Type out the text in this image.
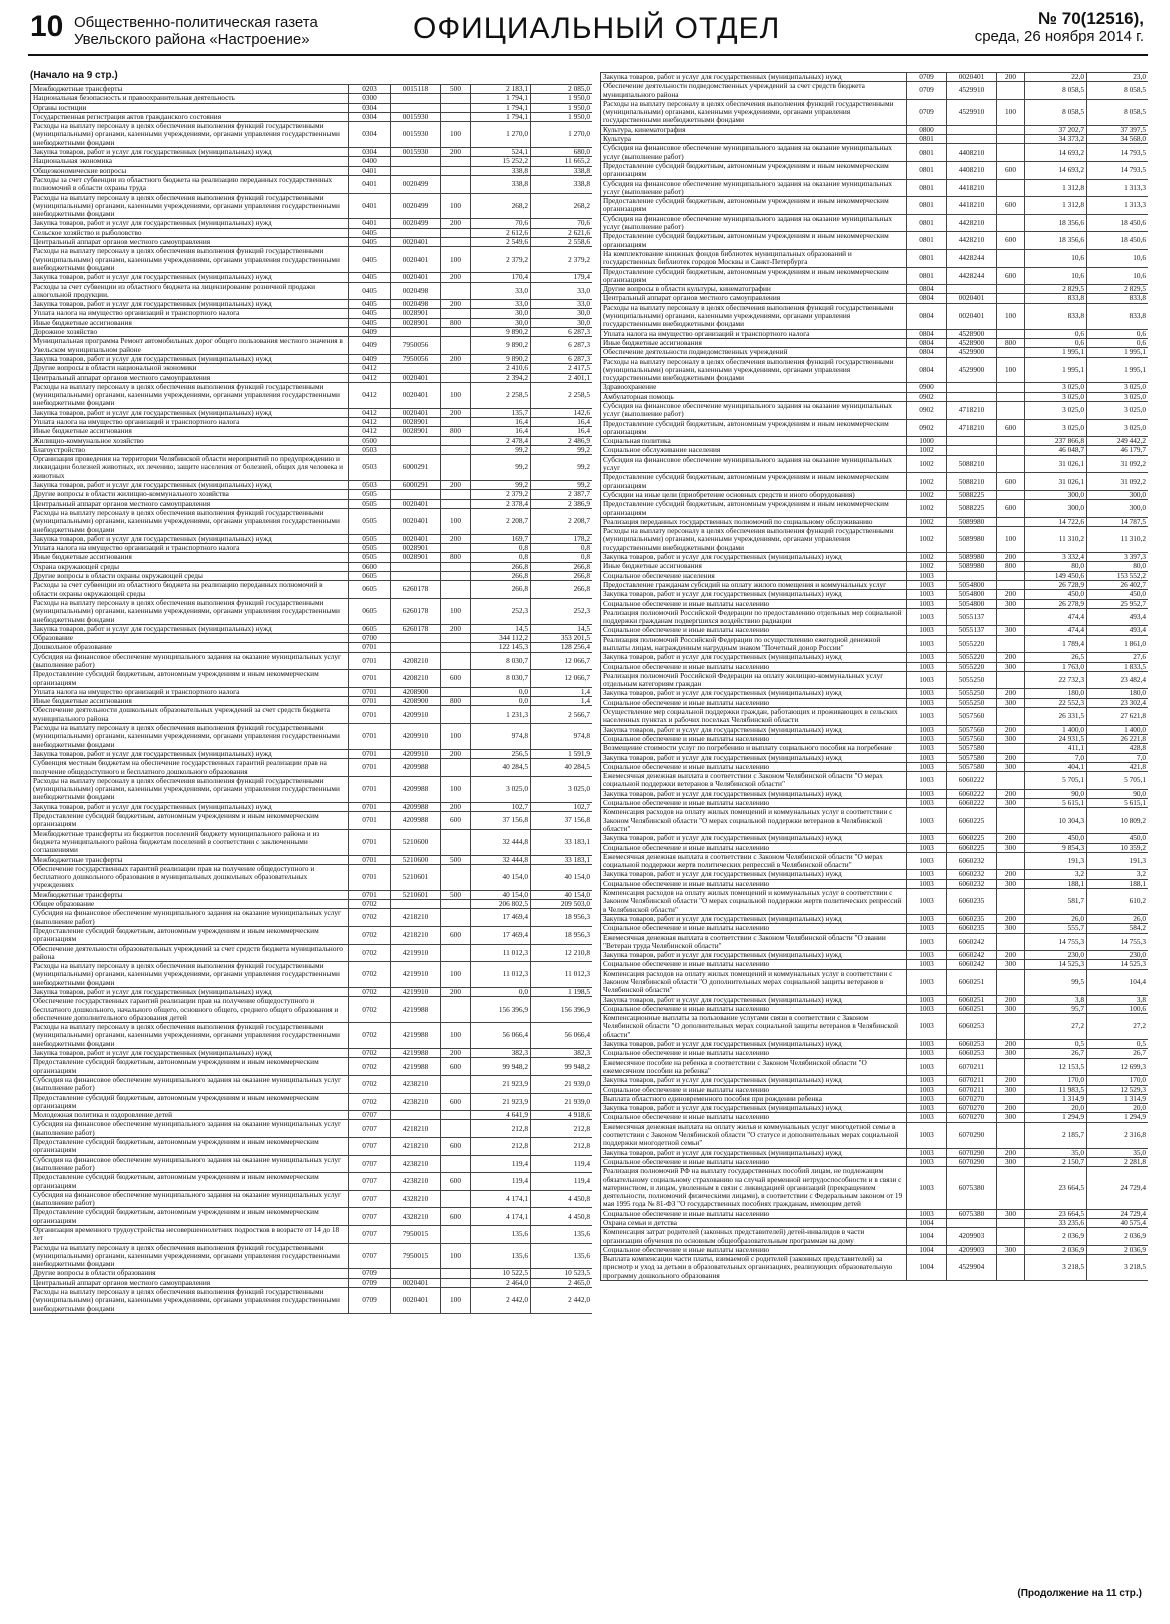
10 Общественно-политическая газета
Увельского района «Настроение»	ОФИЦИАЛЬНЫЙ ОТДЕЛ	№ 70(12516),
среда, 26 ноября 2014 г.
(Начало на 9 стр.)
Межбюджетные трансферты	0203	0015118	500	2 183,1	2 085,0
Национальная безопасность и правоохранительная деятельность	0300			1 794,1	1 950,0
Органы юстиции	0304			1 794,1	1 950,0
Государственная регистрация актов гражданского состояния	0304	0015930		1 794,1	1 950,0
Расходы на выплату персоналу в целях обеспечения выполнения функций государственными (муниципальными) органами, казенными учреждениями, органами управления государственными внебюджетными фондами	0304	0015930	100	1 270,0	1 270,0
Закупка товаров, работ и услуг для государственных (муниципальных) нужд	0304	0015930	200	524,1	680,0
Национальная экономика	0400			15 252,2	11 665,2
Общеэкономические вопросы	0401			338,8	338,8
Расходы за счет субвенции из областного бюджета на реализацию переданных государственных полномочий в области охраны труда	0401	0020499		338,8	338,8
Расходы на выплату персоналу в целях обеспечения выполнения функций государственными (муниципальными) органами, казенными учреждениями, органами управления государственными внебюджетными фондами	0401	0020499	100	268,2	268,2
Закупка товаров, работ и услуг для государственных (муниципальных) нужд	0401	0020499	200	70,6	70,6
Сельское хозяйство и рыболовство	0405			2 612,6	2 621,6
Центральный аппарат органов местного самоуправления	0405	0020401		2 549,6	2 558,6
Расходы на выплату персоналу в целях обеспечения выполнения функций государственными (муниципальными) органами, казенными учреждениями, органами управления государственными внебюджетными фондами	0405	0020401	100	2 379,2	2 379,2
Закупка товаров, работ и услуг для государственных (муниципальных) нужд	0405	0020401	200	170,4	179,4
Расходы за счет субвенции из областного бюджета на лицензирование розничной продажи алкогольной продукции.	0405	0020498		33,0	33,0
Закупка товаров, работ и услуг для государственных (муниципальных) нужд	0405	0020498	200	33,0	33,0
Уплата налога на имущество организаций и транспортного налога	0405	0028901		30,0	30,0
Иные бюджетные ассигнования	0405	0028901	800	30,0	30,0
Дорожное хозяйство	0409			9 890,2	6 287,3
Муниципальная программа Ремонт автомобильных дорог общего пользования местного значения в Увельском муниципальном районе	0409	7950056		9 890,2	6 287,3
Закупка товаров, работ и услуг для государственных (муниципальных) нужд	0409	7950056	200	9 890,2	6 287,3
Другие вопросы в области национальной экономики	0412			2 410,6	2 417,5
Центральный аппарат органов местного самоуправления	0412	0020401		2 394,2	2 401,1
Расходы на выплату персоналу в целях обеспечения выполнения функций государственными (муниципальными) органами, казенными учреждениями, органами управления государственными внебюджетными фондами	0412	0020401	100	2 258,5	2 258,5
Закупка товаров, работ и услуг для государственных (муниципальных) нужд	0412	0020401	200	135,7	142,6
Уплата налога на имущество организаций и транспортного налога	0412	0028901		16,4	16,4
Иные бюджетные ассигнования	0412	0028901	800	16,4	16,4
Жилищно-коммунальное хозяйство	0500			2 478,4	2 486,9
Благоустройство	0503			99,2	99,2
Организация проведения на территории Челябинской области мероприятий по предупреждению и ликвидации болезней животных, их лечению, защите населения от болезней, общих для человека и животных	0503	6000291		99,2	99,2
Закупка товаров, работ и услуг для государственных (муниципальных) нужд	0503	6000291	200	99,2	99,2
Другие вопросы в области жилищно-коммунального хозяйства	0505			2 379,2	2 387,7
Центральный аппарат органов местного самоуправления	0505	0020401		2 378,4	2 386,9
Расходы на выплату персоналу в целях обеспечения выполнения функций государственными (муниципальными) органами, казенными учреждениями, органами управления государственными внебюджетными фондами	0505	0020401	100	2 208,7	2 208,7
Закупка товаров, работ и услуг для государственных (муниципальных) нужд	0505	0020401	200	169,7	178,2
Уплата налога на имущество организаций и транспортного налога	0505	0028901		0,8	0,8
Иные бюджетные ассигнования	0505	0028901	800	0,8	0,8
Охрана окружающей среды	0600			266,8	266,8
Другие вопросы в области охраны окружающей среды	0605			266,8	266,8
Расходы за счет субвенции из областного бюджета на реализацию переданных полномочий в области охраны окружающей среды	0605	6260178		266,8	266,8
Расходы на выплату персоналу в целях обеспечения выполнения функций государственными (муниципальными) органами, казенными учреждениями, органами управления государственными внебюджетными фондами	0605	6260178	100	252,3	252,3
Закупка товаров, работ и услуг для государственных (муниципальных) нужд	0605	6260178	200	14,5	14,5
Образование	0700			344 112,2	353 201,5
Дошкольное образование	0701			122 145,3	128 256,4
Субсидия на финансовое обеспечение муниципального задания на оказание муниципальных услуг (выполнение работ)	0701	4208210		8 030,7	12 066,7
Предоставление субсидий бюджетным, автономным учреждениям и иным некоммерческим организациям	0701	4208210	600	8 030,7	12 066,7
Уплата налога на имущество организаций и транспортного налога	0701	4208900		0,0	1,4
Иные бюджетные ассигнования	0701	4208900	800	0,0	1,4
Обеспечение деятельности дошкольных образовательных учреждений за счет средств бюджета муниципального района	0701	4209910		1 231,3	2 566,7
Расходы на выплату персоналу в целях обеспечения выполнения функций государственными (муниципальными) органами, казенными учреждениями, органами управления государственными внебюджетными фондами	0701	4209910	100	974,8	974,8
Закупка товаров, работ и услуг для государственных (муниципальных) нужд	0701	4209910	200	256,5	1 591,9
Субвенция местным бюджетам на обеспечение государственных гарантий реализации прав на получение общедоступного и бесплатного дошкольного образования	0701	4209988		40 284,5	40 284,5
Расходы на выплату персоналу в целях обеспечения выполнения функций государственными (муниципальными) органами, казенными учреждениями, органами управления государственными внебюджетными фондами	0701	4209988	100	3 025,0	3 025,0
Закупка товаров, работ и услуг для государственных (муниципальных) нужд	0701	4209988	200	102,7	102,7
Предоставление субсидий бюджетным, автономным учреждениям и иным некоммерческим организациям	0701	4209988	600	37 156,8	37 156,8
Межбюджетные трансферты из бюджетов поселений бюджету муниципального района и из бюджета муниципального района бюджетам поселений в соответствии с заключенными соглашениями	0701	5210600		32 444,8	33 183,1
Межбюджетные трансферты	0701	5210600	500	32 444,8	33 183,1
Обеспечение государственных гарантий реализации прав на получение общедоступного и бесплатного дошкольного образования в муниципальных дошкольных образовательных учреждениях	0701	5210601		40 154,0	40 154,0
Межбюджетные трансферты	0701	5210601	500	40 154,0	40 154,0
Общее образование	0702			206 802,5	209 503,0
Субсидия на финансовое обеспечение муниципального задания на оказание муниципальных услуг (выполнение работ)	0702	4218210		17 469,4	18 956,3
Предоставление субсидий бюджетным, автономным учреждениям и иным некоммерческим организациям	0702	4218210	600	17 469,4	18 956,3
Обеспечение деятельности образовательных учреждений за счет средств бюджета муниципального района	0702	4219910		11 012,3	12 210,8
Расходы на выплату персоналу в целях обеспечения выполнения функций государственными (муниципальными) органами, казенными учреждениями, органами управления государственными внебюджетными фондами	0702	4219910	100	11 012,3	11 012,3
Закупка товаров, работ и услуг для государственных (муниципальных) нужд	0702	4219910	200	0,0	1 198,5
Обеспечение государственных гарантий реализации прав на получение общедоступного и бесплатного дошкольного, начального общего, основного общего, среднего общего образования и обеспечение дополнительного образования детей	0702	4219988		156 396,9	156 396,9
Расходы на выплату персоналу в целях обеспечения выполнения функций государственными (муниципальными) органами, казенными учреждениями, органами управления государственными внебюджетными фондами	0702	4219988	100	56 066,4	56 066,4
Закупка товаров, работ и услуг для государственных (муниципальных) нужд	0702	4219988	200	382,3	382,3
Предоставление субсидий бюджетным, автономным учреждениям и иным некоммерческим организациям	0702	4219988	600	99 948,2	99 948,2
Субсидия на финансовое обеспечение муниципального задания на оказание муниципальных услуг (выполнение работ)	0702	4238210		21 923,9	21 939,0
Предоставление субсидий бюджетным, автономным учреждениям и иным некоммерческим организациям	0702	4238210	600	21 923,9	21 939,0
Молодежная политика и оздоровление детей	0707			4 641,9	4 918,6
Субсидия на финансовое обеспечение муниципального задания на оказание муниципальных услуг (выполнение работ)	0707	4218210		212,8	212,8
Предоставление субсидий бюджетным, автономным учреждениям и иным некоммерческим организациям	0707	4218210	600	212,8	212,8
Субсидия на финансовое обеспечение муниципального задания на оказание муниципальных услуг (выполнение работ)	0707	4238210		119,4	119,4
Предоставление субсидий бюджетным, автономным учреждениям и иным некоммерческим организациям	0707	4238210	600	119,4	119,4
Субсидия на финансовое обеспечение муниципального задания на оказание муниципальных услуг (выполнение работ)	0707	4328210		4 174,1	4 450,8
Предоставление субсидий бюджетным, автономным учреждениям и иным некоммерческим организациям	0707	4328210	600	4 174,1	4 450,8
Организация временного трудоустройства несовершеннолетних подростков в возрасте от 14 до 18 лет	0707	7950015		135,6	135,6
Расходы на выплату персоналу в целях обеспечения выполнения функций государственными (муниципальными) органами, казенными учреждениями, органами управления государственными внебюджетными фондами	0707	7950015	100	135,6	135,6
Другие вопросы в области образования	0709			10 522,5	10 523,5
Центральный аппарат органов местного самоуправления	0709	0020401		2 464,0	2 465,0
Расходы на выплату персоналу в целях обеспечения выполнения функций государственными (муниципальными) органами, казенными учреждениями, органами управления государственными внебюджетными фондами	0709	0020401	100	2 442,0	2 442,0
Закупка товаров, работ и услуг для государственных (муниципальных) нужд	0709	0020401	200	22,0	23,0
Обеспечение деятельности подведомственных учреждений за счет средств бюджета муниципального района	0709	4529910		8 058,5	8 058,5
Расходы на выплату персоналу в целях обеспечения выполнения функций государственными (муниципальными) органами, казенными учреждениями, органами управления государственными внебюджетными фондами	0709	4529910	100	8 058,5	8 058,5
Культура, кинематография	0800			37 202,7	37 397,5
Культура	0801			34 373,2	34 568,0
Субсидия на финансовое обеспечение муниципального задания на оказание муниципальных услуг (выполнение работ)	0801	4408210		14 693,2	14 793,5
Предоставление субсидий бюджетным, автономным учреждениям и иным некоммерческим организациям	0801	4408210	600	14 693,2	14 793,5
Субсидия на финансовое обеспечение муниципального задания на оказание муниципальных услуг (выполнение работ)	0801	4418210		1 312,8	1 313,3
Предоставление субсидий бюджетным, автономным учреждениям и иным некоммерческим организациям	0801	4418210	600	1 312,8	1 313,3
Субсидия на финансовое обеспечение муниципального задания на оказание муниципальных услуг (выполнение работ)	0801	4428210		18 356,6	18 450,6
Предоставление субсидий бюджетным, автономным учреждениям и иным некоммерческим организациям	0801	4428210	600	18 356,6	18 450,6
На комплектование книжных фондов библиотек муниципальных образований и государственных библиотек городов Москвы и Санкт-Петербурга	0801	4428244		10,6	10,6
Предоставление субсидий бюджетным, автономным учреждениям и иным некоммерческим организациям	0801	4428244	600	10,6	10,6
Другие вопросы в области культуры, кинематографии	0804			2 829,5	2 829,5
Центральный аппарат органов местного самоуправления	0804	0020401		833,8	833,8
Расходы на выплату персоналу в целях обеспечения выполнения функций государственными (муниципальными) органами, казенными учреждениями, органами управления государственными внебюджетными фондами	0804	0020401	100	833,8	833,8
Уплата налога на имущество организаций и транспортного налога	0804	4528900		0,6	0,6
Иные бюджетные ассигнования	0804	4528900	800	0,6	0,6
Обеспечение деятельности подведомственных учреждений	0804	4529900		1 995,1	1 995,1
Расходы на выплату персоналу в целях обеспечения выполнения функций государственными (муниципальными) органами, казенными учреждениями, органами управления государственными внебюджетными фондами	0804	4529900	100	1 995,1	1 995,1
Здравоохранение	0900			3 025,0	3 025,0
Амбулаторная помощь	0902			3 025,0	3 025,0
Субсидия на финансовое обеспечение муниципального задания на оказание муниципальных услуг (выполнение работ)	0902	4718210		3 025,0	3 025,0
Предоставление субсидий бюджетным, автономным учреждениям и иным некоммерческим организациям	0902	4718210	600	3 025,0	3 025,0
Социальная политика	1000			237 866,8	249 442,2
Социальное обслуживание населения	1002			46 048,7	46 179,7
Субсидия на финансовое обеспечение муниципального задания на оказание муниципальных услуг	1002	5088210		31 026,1	31 092,2
Предоставление субсидий бюджетным, автономным учреждениям и иным некоммерческим организациям	1002	5088210	600	31 026,1	31 092,2
Субсидии на иные цели (приобретение основных средств и иного оборудования)	1002	5088225		300,0	300,0
Предоставление субсидий бюджетным, автономным учреждениям и иным некоммерческим организациям	1002	5088225	600	300,0	300,0
Реализация переданных государственных полномочий по социальному обслуживанию	1002	5089980		14 722,6	14 787,5
Расходы на выплату персоналу в целях обеспечения выполнения функций государственными (муниципальными) органами, казенными учреждениями, органами управления государственными внебюджетными фондами	1002	5089980	100	11 310,2	11 310,2
Закупка товаров, работ и услуг для государственных (муниципальных) нужд	1002	5089980	200	3 332,4	3 397,3
Иные бюджетные ассигнования	1002	5089980	800	80,0	80,0
Социальное обеспечение населения	1003			149 450,6	153 552,2
Предоставление гражданам субсидий на оплату жилого помещения и коммунальных услуг	1003	5054800		26 728,9	26 402,7
Закупка товаров, работ и услуг для государственных (муниципальных) нужд	1003	5054800	200	450,0	450,0
Социальное обеспечение и иные выплаты населению	1003	5054800	300	26 278,9	25 952,7
Реализация полномочий Российской Федерации по предоставлению отдельных мер социальной поддержки гражданам подвергшихся воздействию радиации	1003	5055137		474,4	493,4
Социальное обеспечение и иные выплаты населению	1003	5055137	300	474,4	493,4
Реализация полномочий Российской Федерации по осуществлению ежегодной денежной выплаты лицам, награжденным нагрудным знаком "Почетный донор России"	1003	5055220		1 789,4	1 861,0
Закупка товаров, работ и услуг для государственных (муниципальных) нужд	1003	5055220	200	26,5	27,6
Социальное обеспечение и иные выплаты населению	1003	5055220	300	1 763,0	1 833,5
Реализация полномочий Российской Федерации на оплату жилищно-коммунальных услуг отдельным категориям граждан	1003	5055250		22 732,3	23 482,4
Закупка товаров, работ и услуг для государственных (муниципальных) нужд	1003	5055250	200	180,0	180,0
Социальное обеспечение и иные выплаты населению	1003	5055250	300	22 552,3	23 302,4
Осуществление мер социальной поддержки граждан, работающих и проживающих в сельских населенных пунктах и рабочих поселках Челябинской области	1003	5057560		26 331,5	27 621,8
Закупка товаров, работ и услуг для государственных (муниципальных) нужд	1003	5057560	200	1 400,0	1 400,0
Социальное обеспечение и иные выплаты населению	1003	5057560	300	24 931,5	26 221,8
Возмещение стоимости услуг по погребению и выплату социального пособия на погребение	1003	5057580		411,1	428,8
Закупка товаров, работ и услуг для государственных (муниципальных) нужд	1003	5057580	200	7,0	7,0
Социальное обеспечение и иные выплаты населению	1003	5057580	300	404,1	421,8
Ежемесячная денежная выплата в соответствии с Законом Челябинской области "О мерах социальной поддержки ветеранов в Челябинской области"	1003	6060222		5 705,1	5 705,1
Закупка товаров, работ и услуг для государственных (муниципальных) нужд	1003	6060222	200	90,0	90,0
Социальное обеспечение и иные выплаты населению	1003	6060222	300	5 615,1	5 615,1
Компенсация расходов на оплату жилых помещений и коммунальных услуг в соответствии с Законом Челябинской области "О мерах социальной поддержки ветеранов в Челябинской области"	1003	6060225		10 304,3	10 809,2
Закупка товаров, работ и услуг для государственных (муниципальных) нужд	1003	6060225	200	450,0	450,0
Социальное обеспечение и иные выплаты населению	1003	6060225	300	9 854,3	10 359,2
Ежемесячная денежная выплата в соответствии с Законом Челябинской области "О мерах социальной поддержки жертв политических репрессий в Челябинской области"	1003	6060232		191,3	191,3
Закупка товаров, работ и услуг для государственных (муниципальных) нужд	1003	6060232	200	3,2	3,2
Социальное обеспечение и иные выплаты населению	1003	6060232	300	188,1	188,1
Компенсация расходов на оплату жилых помещений и коммунальных услуг в соответствии с Законом Челябинской области "О мерах социальной поддержки жертв политических репрессий в Челябинской области"	1003	6060235		581,7	610,2
Закупка товаров, работ и услуг для государственных (муниципальных) нужд	1003	6060235	200	26,0	26,0
Социальное обеспечение и иные выплаты населению	1003	6060235	300	555,7	584,2
Ежемесячная денежная выплата в соответствии с Законом Челябинской области "О звании "Ветеран труда Челябинской области"	1003	6060242		14 755,3	14 755,3
Закупка товаров, работ и услуг для государственных (муниципальных) нужд	1003	6060242	200	230,0	230,0
Социальное обеспечение и иные выплаты населению	1003	6060242	300	14 525,3	14 525,3
Компенсация расходов на оплату жилых помещений и коммунальных услуг в соответствии с Законом Челябинской области "О дополнительных мерах социальной защиты ветеранов в Челябинской области"	1003	6060251		99,5	104,4
Закупка товаров, работ и услуг для государственных (муниципальных) нужд	1003	6060251	200	3,8	3,8
Социальное обеспечение и иные выплаты населению	1003	6060251	300	95,7	100,6
Компенсационные выплаты за пользование услугами связи в соответствии с Законом Челябинской области "О дополнительных мерах социальной защиты ветеранов в Челябинской области"	1003	6060253		27,2	27,2
Закупка товаров, работ и услуг для государственных (муниципальных) нужд	1003	6060253	200	0,5	0,5
Социальное обеспечение и иные выплаты населению	1003	6060253	300	26,7	26,7
Ежемесячное пособие на ребенка в соответствии с Законом Челябинской области "О ежемесячном пособии на ребенка"	1003	6070211		12 153,5	12 699,3
Закупка товаров, работ и услуг для государственных (муниципальных) нужд	1003	6070211	200	170,0	170,0
Социальное обеспечение и иные выплаты населению	1003	6070211	300	11 983,5	12 529,3
Выплата областного единовременного пособия при рождении ребенка	1003	6070270		1 314,9	1 314,9
Закупка товаров, работ и услуг для государственных (муниципальных) нужд	1003	6070270	200	20,0	20,0
Социальное обеспечение и иные выплаты населению	1003	6070270	300	1 294,9	1 294,9
Ежемесячная денежная выплата на оплату жилья и коммунальных услуг многодетной семье в соответствии с Законом Челябинской области "О статусе и дополнительных мерах социальной поддержки многодетной семьи"	1003	6070290		2 185,7	2 316,8
Закупка товаров, работ и услуг для государственных (муниципальных) нужд	1003	6070290	200	35,0	35,0
Социальное обеспечение и иные выплаты населению	1003	6070290	300	2 150,7	2 281,8
Реализация полномочий РФ на выплату государственных пособий лицам, не подлежащим обязательному социальному страхованию на случай временной нетрудоспособности и в связи с материнством, и лицам, уволенным в связи с ликвидацией организаций (прекращением деятельности, полномочий физическими лицами), в соответствии с Федеральным законом от 19 мая 1995 года № 81-ФЗ "О государственных пособиях гражданам, имеющим детей	1003	6075380		23 664,5	24 729,4
Социальное обеспечение и иные выплаты населению	1003	6075380	300	23 664,5	24 729,4
Охрана семьи и детства	1004			33 235,6	40 575,4
Компенсация затрат родителей (законных представителей) детей-инвалидов в части организации обучения по основным общеобразовательным программам на дому	1004	4209903		2 036,9	2 036,9
Социальное обеспечение и иные выплаты населению	1004	4209903	300	2 036,9	2 036,9
Выплата компенсации части платы, взимаемой с родителей (законных представителей) за присмотр и уход за детьми в образовательных организациях, реализующих образовательную программу дошкольного образования	1004	4529904		3 218,5	3 218,5
(Продолжение на 11 стр.)
